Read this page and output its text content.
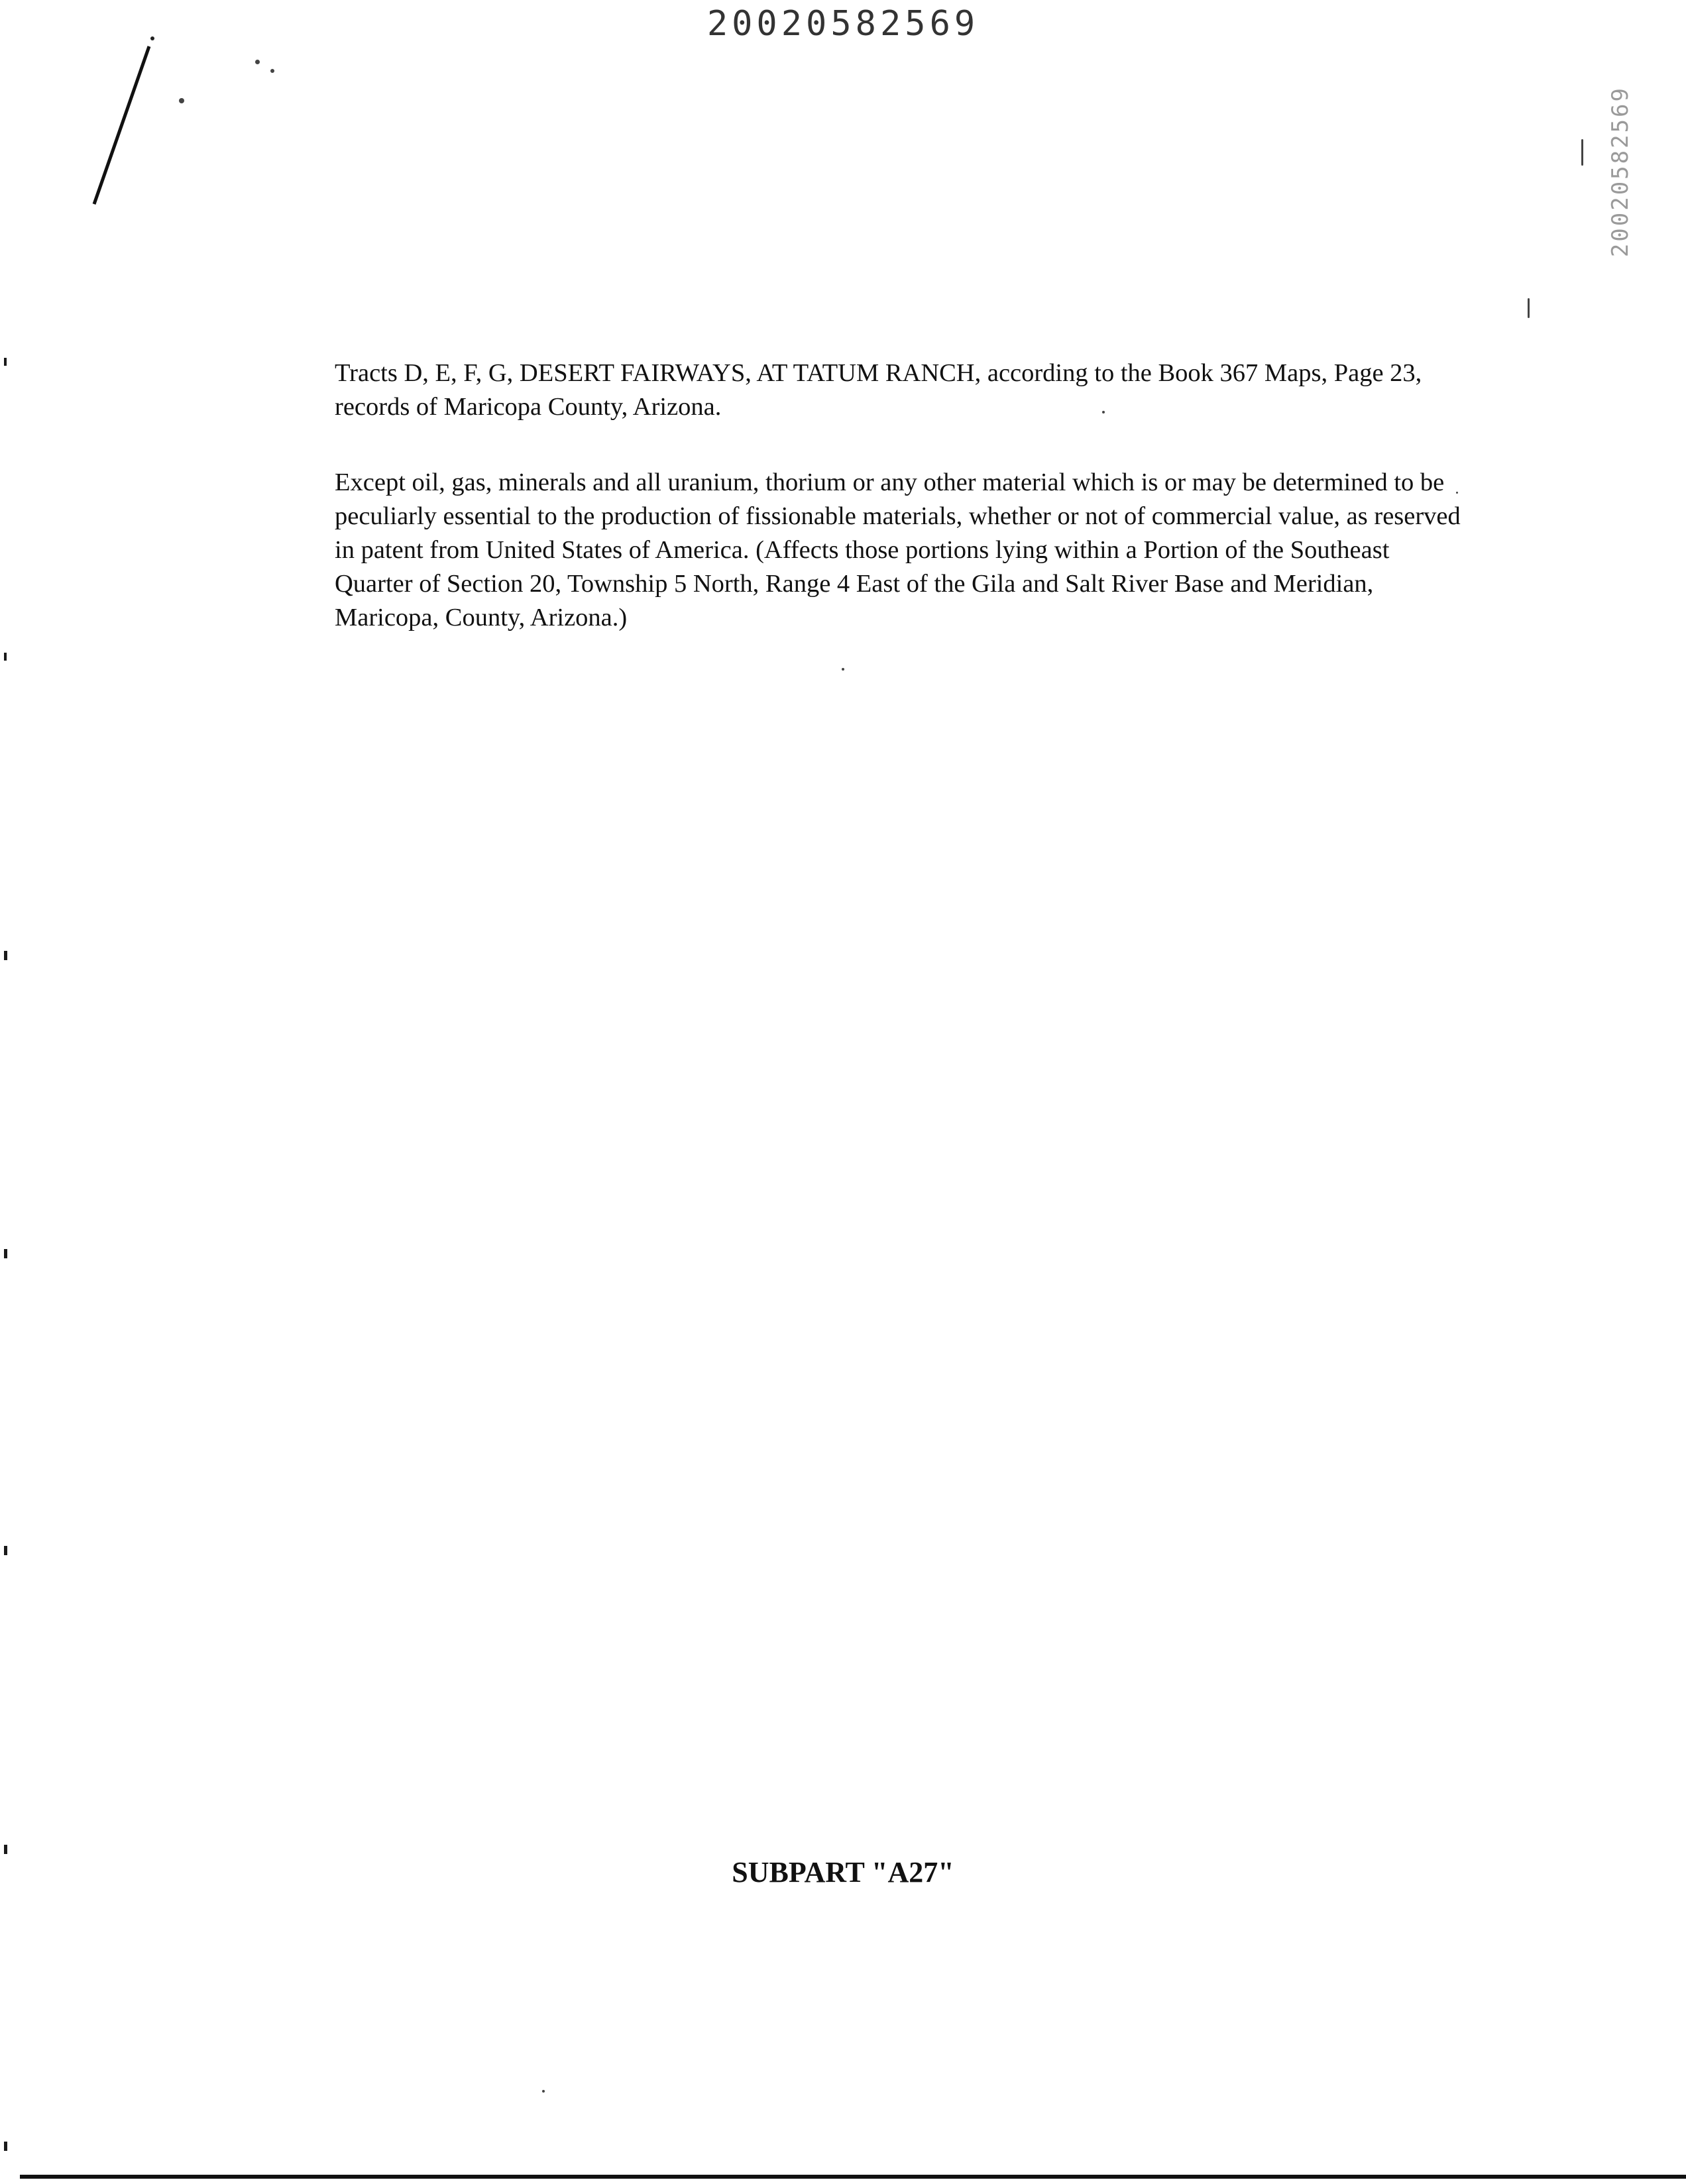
20020582569
20020582569

Tracts D, E, F, G, DESERT FAIRWAYS, AT TATUM RANCH, according to the Book 367 Maps, Page 23, records of Maricopa County, Arizona.

Except oil, gas, minerals and all uranium, thorium or any other material which is or may be determined to be peculiarly essential to the production of fissionable materials, whether or not of commercial value, as reserved in patent from United States of America. (Affects those portions lying within a Portion of the Southeast Quarter of Section 20, Township 5 North, Range 4 East of the Gila and Salt River Base and Meridian, Maricopa, County, Arizona.)

SUBPART "A27"
